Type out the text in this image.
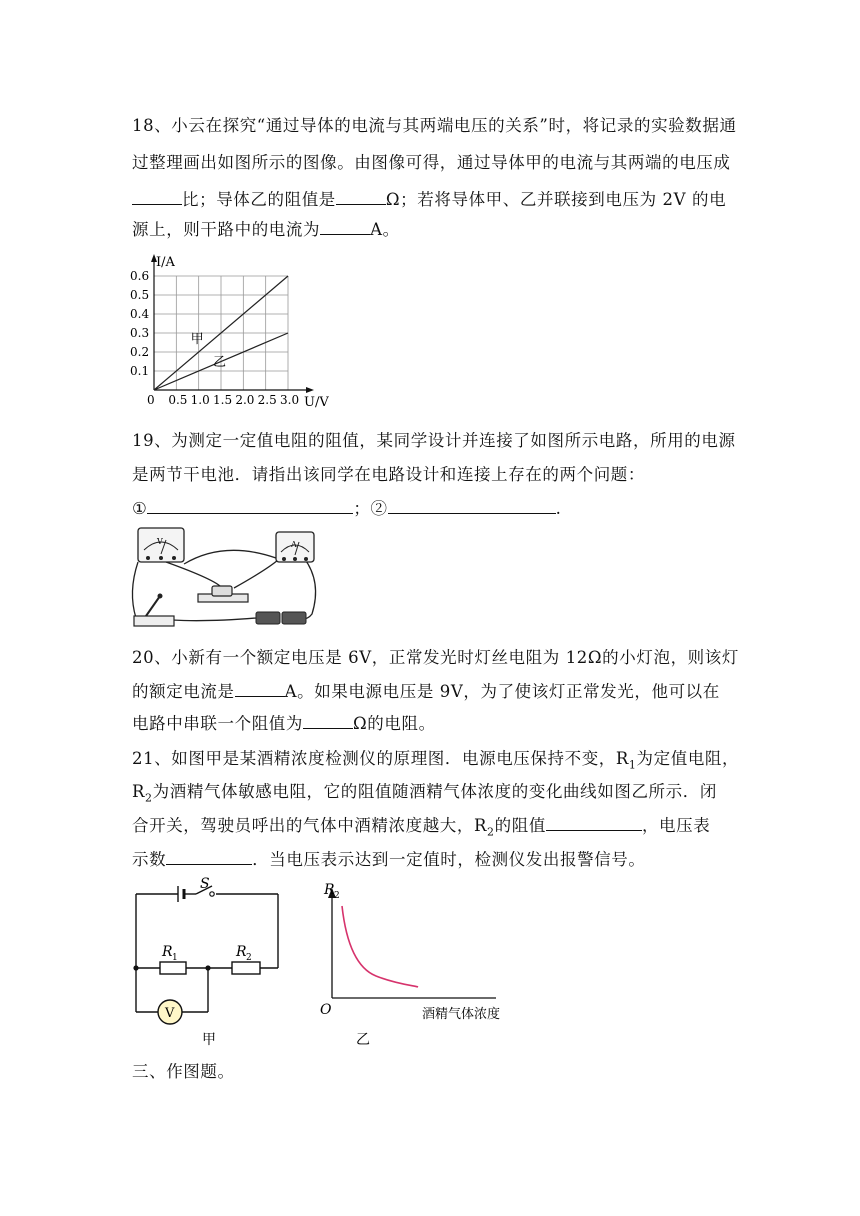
18、小云在探究“通过导体的电流与其两端电压的关系”时，将记录的实验数据通
过整理画出如图所示的图像。由图像可得，通过导体甲的电流与其两端的电压成
比；导体乙的阻值是	Ω；若将导体甲、乙并联接到电压为 2V 的电
源上，则干路中的电流为	A。
I/A
U/V
0 0.5 1.0 1.5 2.0 2.5 3.0
0.1
0.2
0.3
0.4
0.5
0.6
甲
乙
19、为测定一定值电阻的阻值，某同学设计并连接了如图所示电路，所用的电源
是两节干电池．请指出该同学在电路设计和连接上存在的两个问题：
①	；②	.
V	A
20、小新有一个额定电压是 6V，正常发光时灯丝电阻为 12Ω的小灯泡，则该灯
的额定电流是	A。如果电源电压是 9V，为了使该灯正常发光，他可以在
电路中串联一个阻值为	Ω的电阻。
21、如图甲是某酒精浓度检测仪的原理图．电源电压保持不变，$R_1$为定值电阻，
$R_2$为酒精气体敏感电阻，它的阻值随酒精气体浓度的变化曲线如图乙所示．闭
合开关，驾驶员呼出的气体中酒精浓度越大，$R_2$的阻值	，电压表
示数	．当电压表示达到一定值时，检测仪发出报警信号。
V
S
R 1	R 2
甲
R 2
O	酒精气体浓度
乙
三、作图题。
